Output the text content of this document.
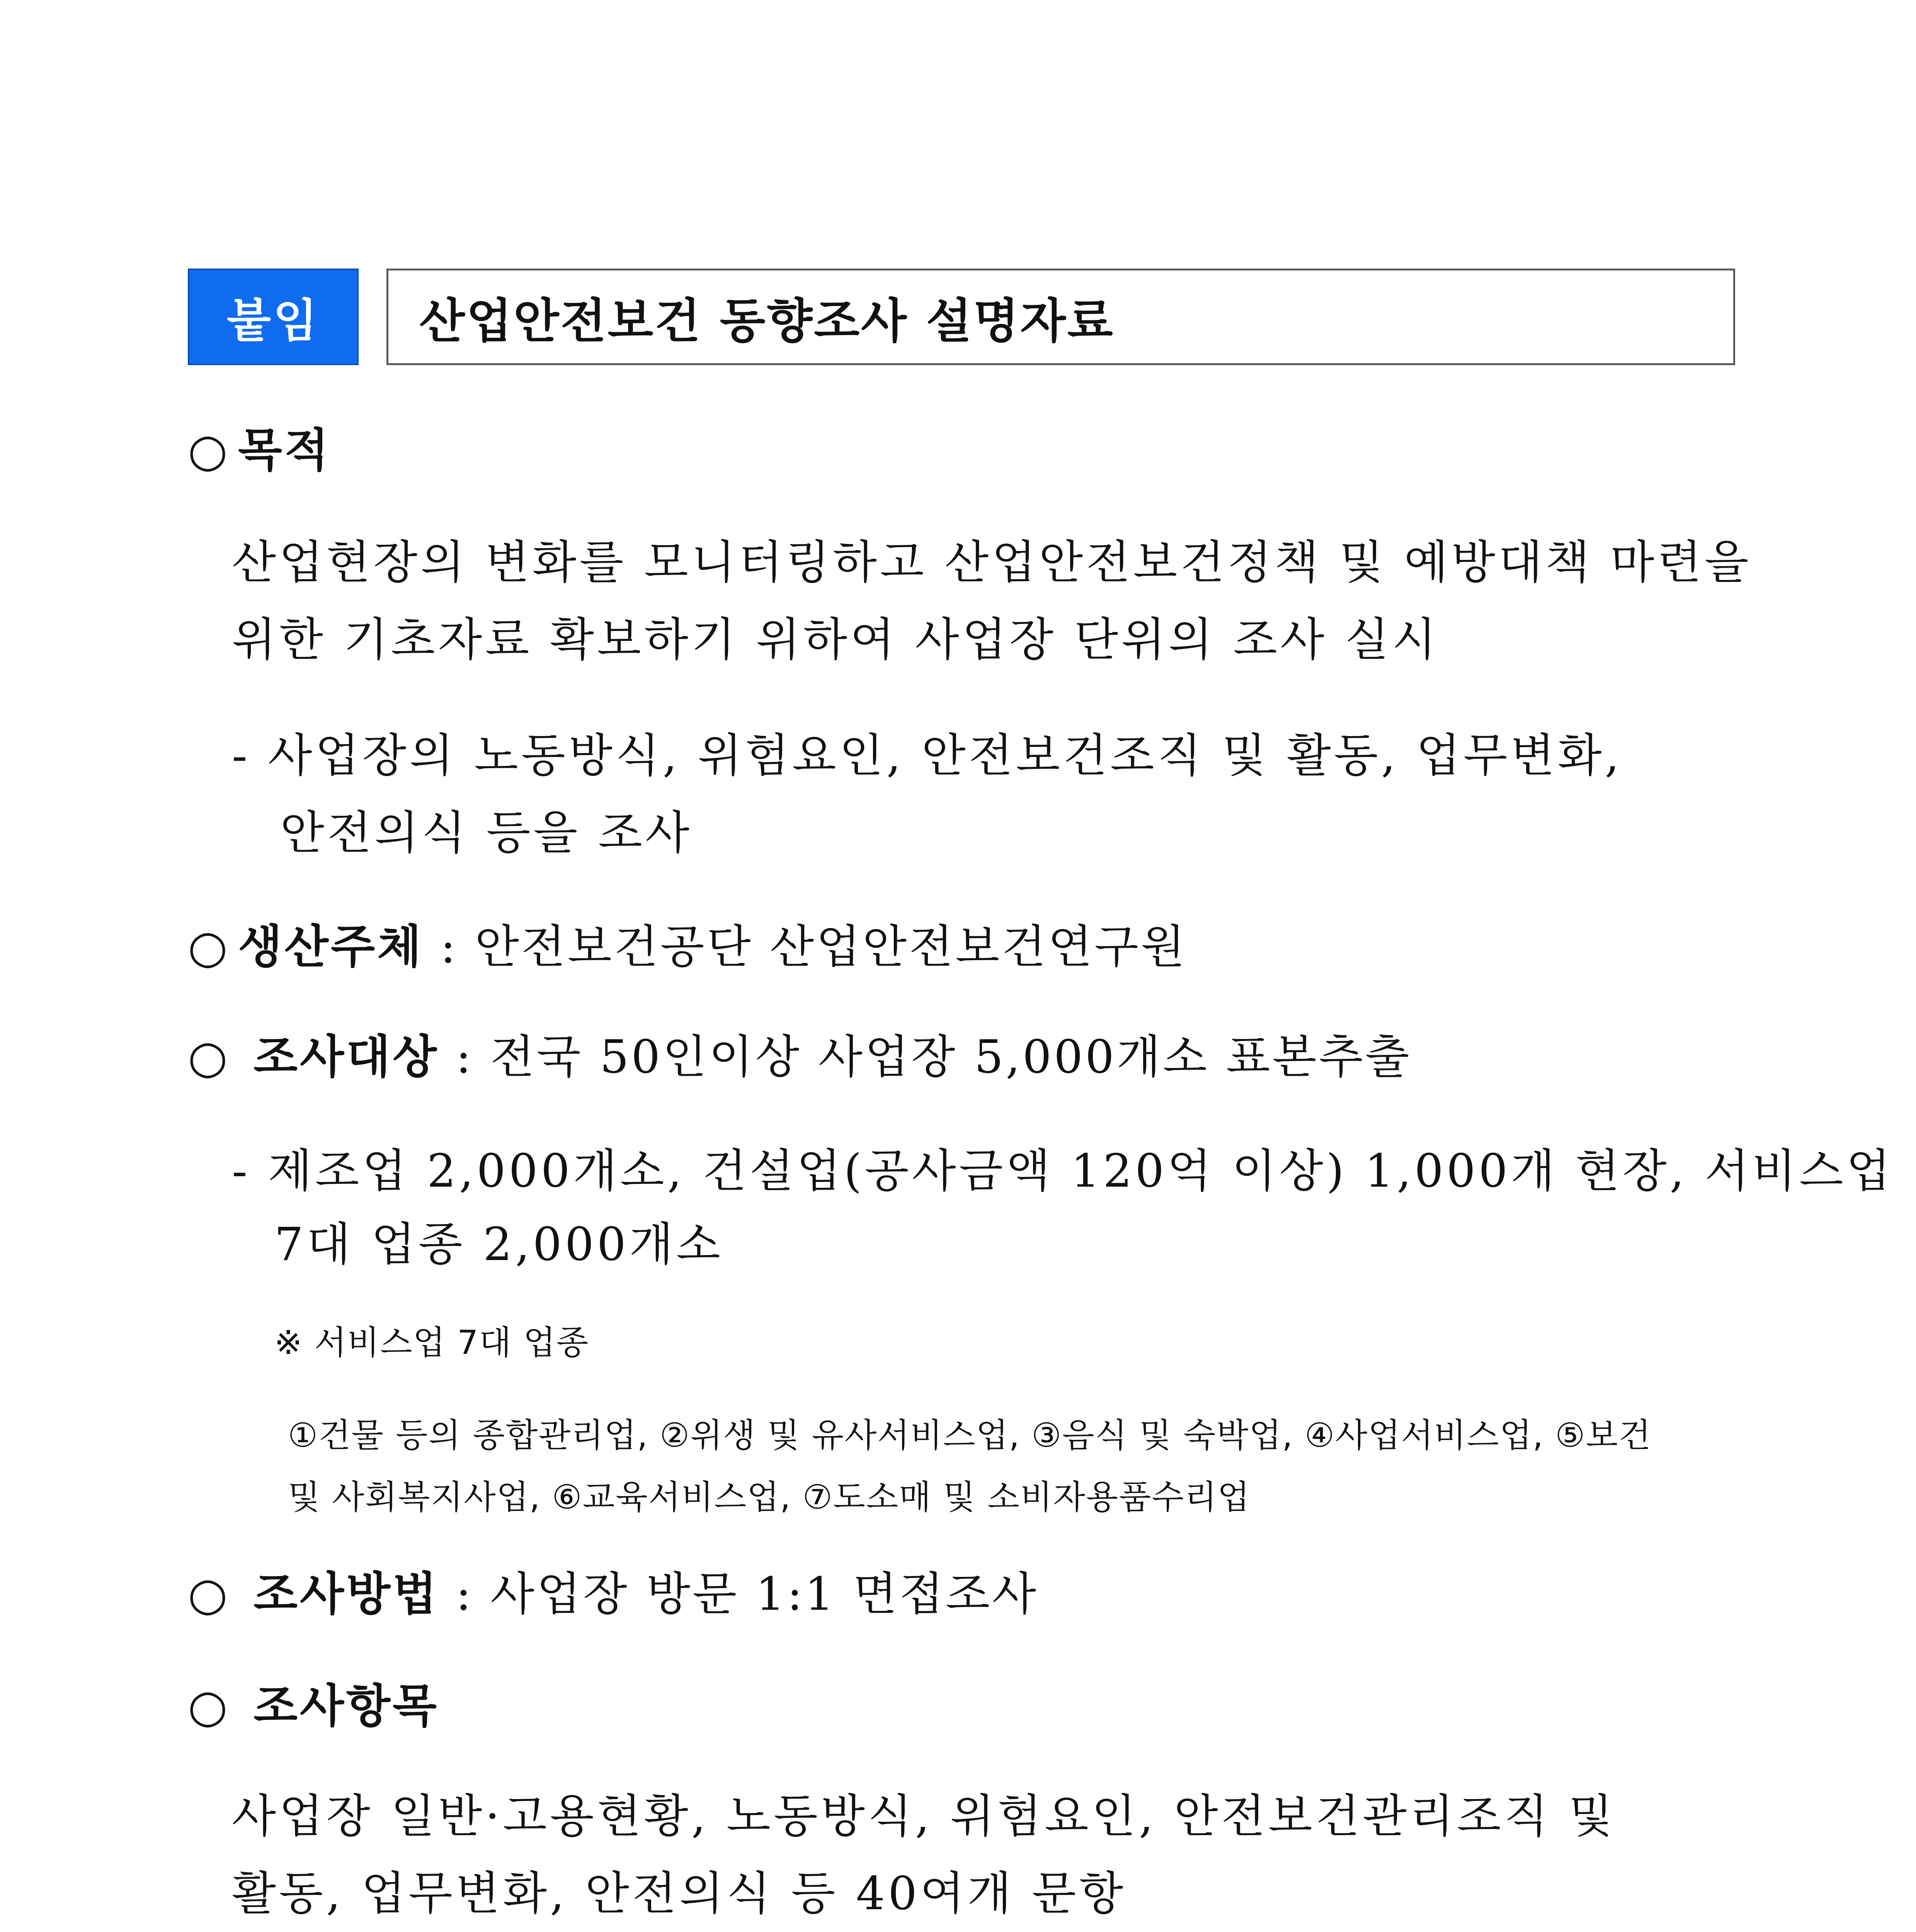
붙임 산업안전보건 동향조사 설명자료
○ 목적
산업현장의 변화를 모니터링하고 산업안전보건정책 및 예방대책 마련을
위한 기초자료 확보하기 위하여 사업장 단위의 조사 실시
- 사업장의 노동방식, 위험요인, 안전보건조직 및 활동, 업무변화,
안전의식 등을 조사
○ 생산주체 : 안전보건공단 산업안전보건연구원
○ 조사대상 : 전국 50인이상 사업장 5,000개소 표본추출
- 제조업 2,000개소, 건설업(공사금액 120억 이상) 1,000개 현장, 서비스업
7대 업종 2,000개소
※ 서비스업 7대 업종
①건물 등의 종합관리업, ②위생 및 유사서비스업, ③음식 및 숙박업, ④사업서비스업, ⑤보건
및 사회복지사업, ⑥교육서비스업, ⑦도소매 및 소비자용품수리업
○ 조사방법 : 사업장 방문 1:1 면접조사
○ 조사항목
사업장 일반·고용현황, 노동방식, 위험요인, 안전보건관리조직 및
활동, 업무변화, 안전의식 등 40여개 문항
